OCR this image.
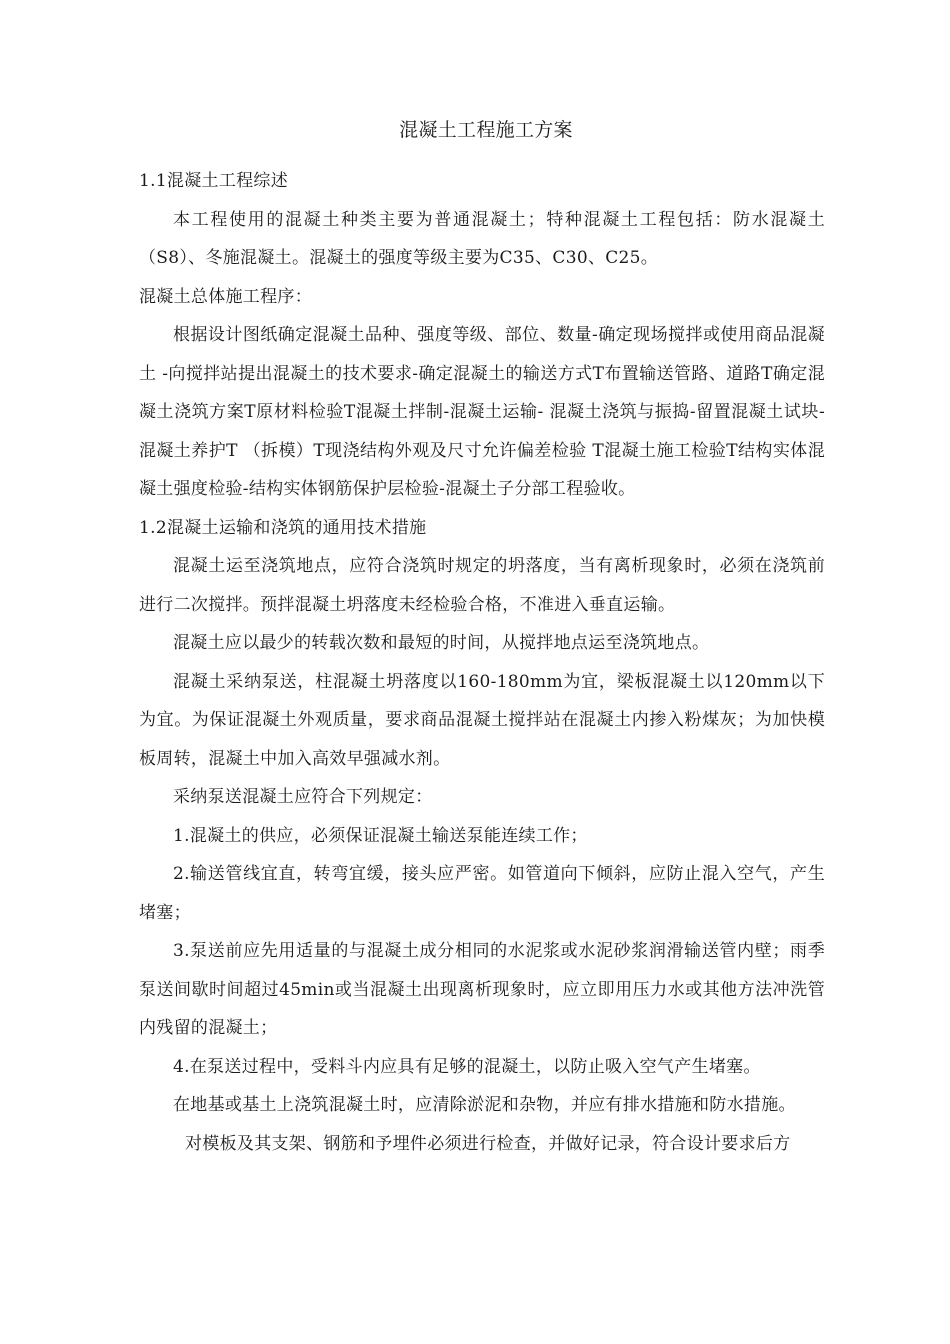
混凝土工程施工方案

1.1混凝土工程综述

本工程使用的混凝土种类主要为普通混凝土；特种混凝土工程包括：防水混凝土（S8）、冬施混凝土。混凝土的强度等级主要为C35、C30、C25。

混凝土总体施工程序：

根据设计图纸确定混凝土品种、强度等级、部位、数量-确定现场搅拌或使用商品混凝土 -向搅拌站提出混凝土的技术要求-确定混凝土的输送方式T布置输送管路、道路T确定混凝土浇筑方案T原材料检验T混凝土拌制-混凝土运输- 混凝土浇筑与振捣-留置混凝土试块-混凝土养护T （拆模）T现浇结构外观及尺寸允许偏差检验 T混凝土施工检验T结构实体混凝土强度检验-结构实体钢筋保护层检验-混凝土子分部工程验收。

1.2混凝土运输和浇筑的通用技术措施

混凝土运至浇筑地点，应符合浇筑时规定的坍落度，当有离析现象时，必须在浇筑前进行二次搅拌。预拌混凝土坍落度未经检验合格，不准进入垂直运输。

混凝土应以最少的转载次数和最短的时间，从搅拌地点运至浇筑地点。

混凝土采纳泵送，柱混凝土坍落度以160-180mm为宜，梁板混凝土以120mm以下为宜。为保证混凝土外观质量，要求商品混凝土搅拌站在混凝土内掺入粉煤灰；为加快模板周转，混凝土中加入高效早强减水剂。

采纳泵送混凝土应符合下列规定：

1.混凝土的供应，必须保证混凝土输送泵能连续工作；

2.输送管线宜直，转弯宜缓，接头应严密。如管道向下倾斜，应防止混入空气，产生堵塞；

3.泵送前应先用适量的与混凝土成分相同的水泥浆或水泥砂浆润滑输送管内壁；雨季泵送间歇时间超过45min或当混凝土出现离析现象时，应立即用压力水或其他方法冲洗管内残留的混凝土；

4.在泵送过程中，受料斗内应具有足够的混凝土，以防止吸入空气产生堵塞。

在地基或基土上浇筑混凝土时，应清除淤泥和杂物，并应有排水措施和防水措施。

对模板及其支架、钢筋和予埋件必须进行检查，并做好记录，符合设计要求后方
